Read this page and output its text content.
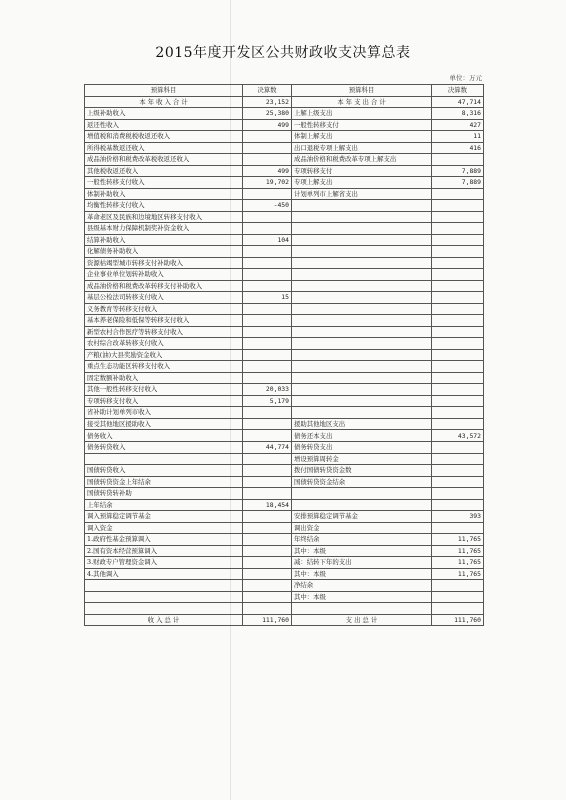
2015年度开发区公共财政收支决算总表
单位：万元
预算科目	决算数	预算科目	决算数
本 年 收 入 合 计	23,152	本 年 支 出 合 计	47,714
上级补助收入	25,380	上解上级支出	8,316
返还性收入	499	一般性转移支付	427
增值税和消费税税收返还收入		体制上解支出	11
所得税基数返还收入		出口退税专项上解支出	416
成品油价格和税费改革税收返还收入		成品油价格和税费改革专项上解支出	
其他税收返还收入	499	专项转移支付	7,889
一般性转移支付收入	19,702	专项上解支出	7,889
体制补助收入		计划单列市上解省支出	
均衡性转移支付收入	-450		
革命老区及民族和边境地区转移支付收入			
县级基本财力保障机制奖补资金收入			
结算补助收入	104		
化解债务补助收入			
资源枯竭型城市转移支付补助收入			
企业事业单位划转补助收入			
成品油价格和税费改革转移支付补助收入			
基层公检法司转移支付收入	15		
义务教育等转移支付收入			
基本养老保险和低保等转移支付收入			
新型农村合作医疗等转移支付收入			
农村综合改革转移支付收入			
产粮(油)大县奖励资金收入			
重点生态功能区转移支付收入			
固定数额补助收入			
其他一般性转移支付收入	20,033		
专项转移支付收入	5,179		
省补助计划单列市收入			
接受其他地区援助收入		援助其他地区支出	
债务收入		债务还本支出	43,572
债务转贷收入	44,774	债务转贷支出	
		增设预算周转金	
国债转贷收入		拨付国债转贷资金数	
国债转贷资金上年结余		国债转贷资金结余	
国债转贷转补助			
上年结余	18,454		
调入预算稳定调节基金		安排预算稳定调节基金	393
调入资金		调出资金	
1.政府性基金预算调入		年终结余	11,765
2.国有资本经营预算调入		其中：本级	11,765
3.财政专户管理资金调入		减：结转下年的支出	11,765
4.其他调入		其中：本级	11,765
		净结余	
		其中：本级	

收 入 总 计	111,760	支 出 总 计	111,760
